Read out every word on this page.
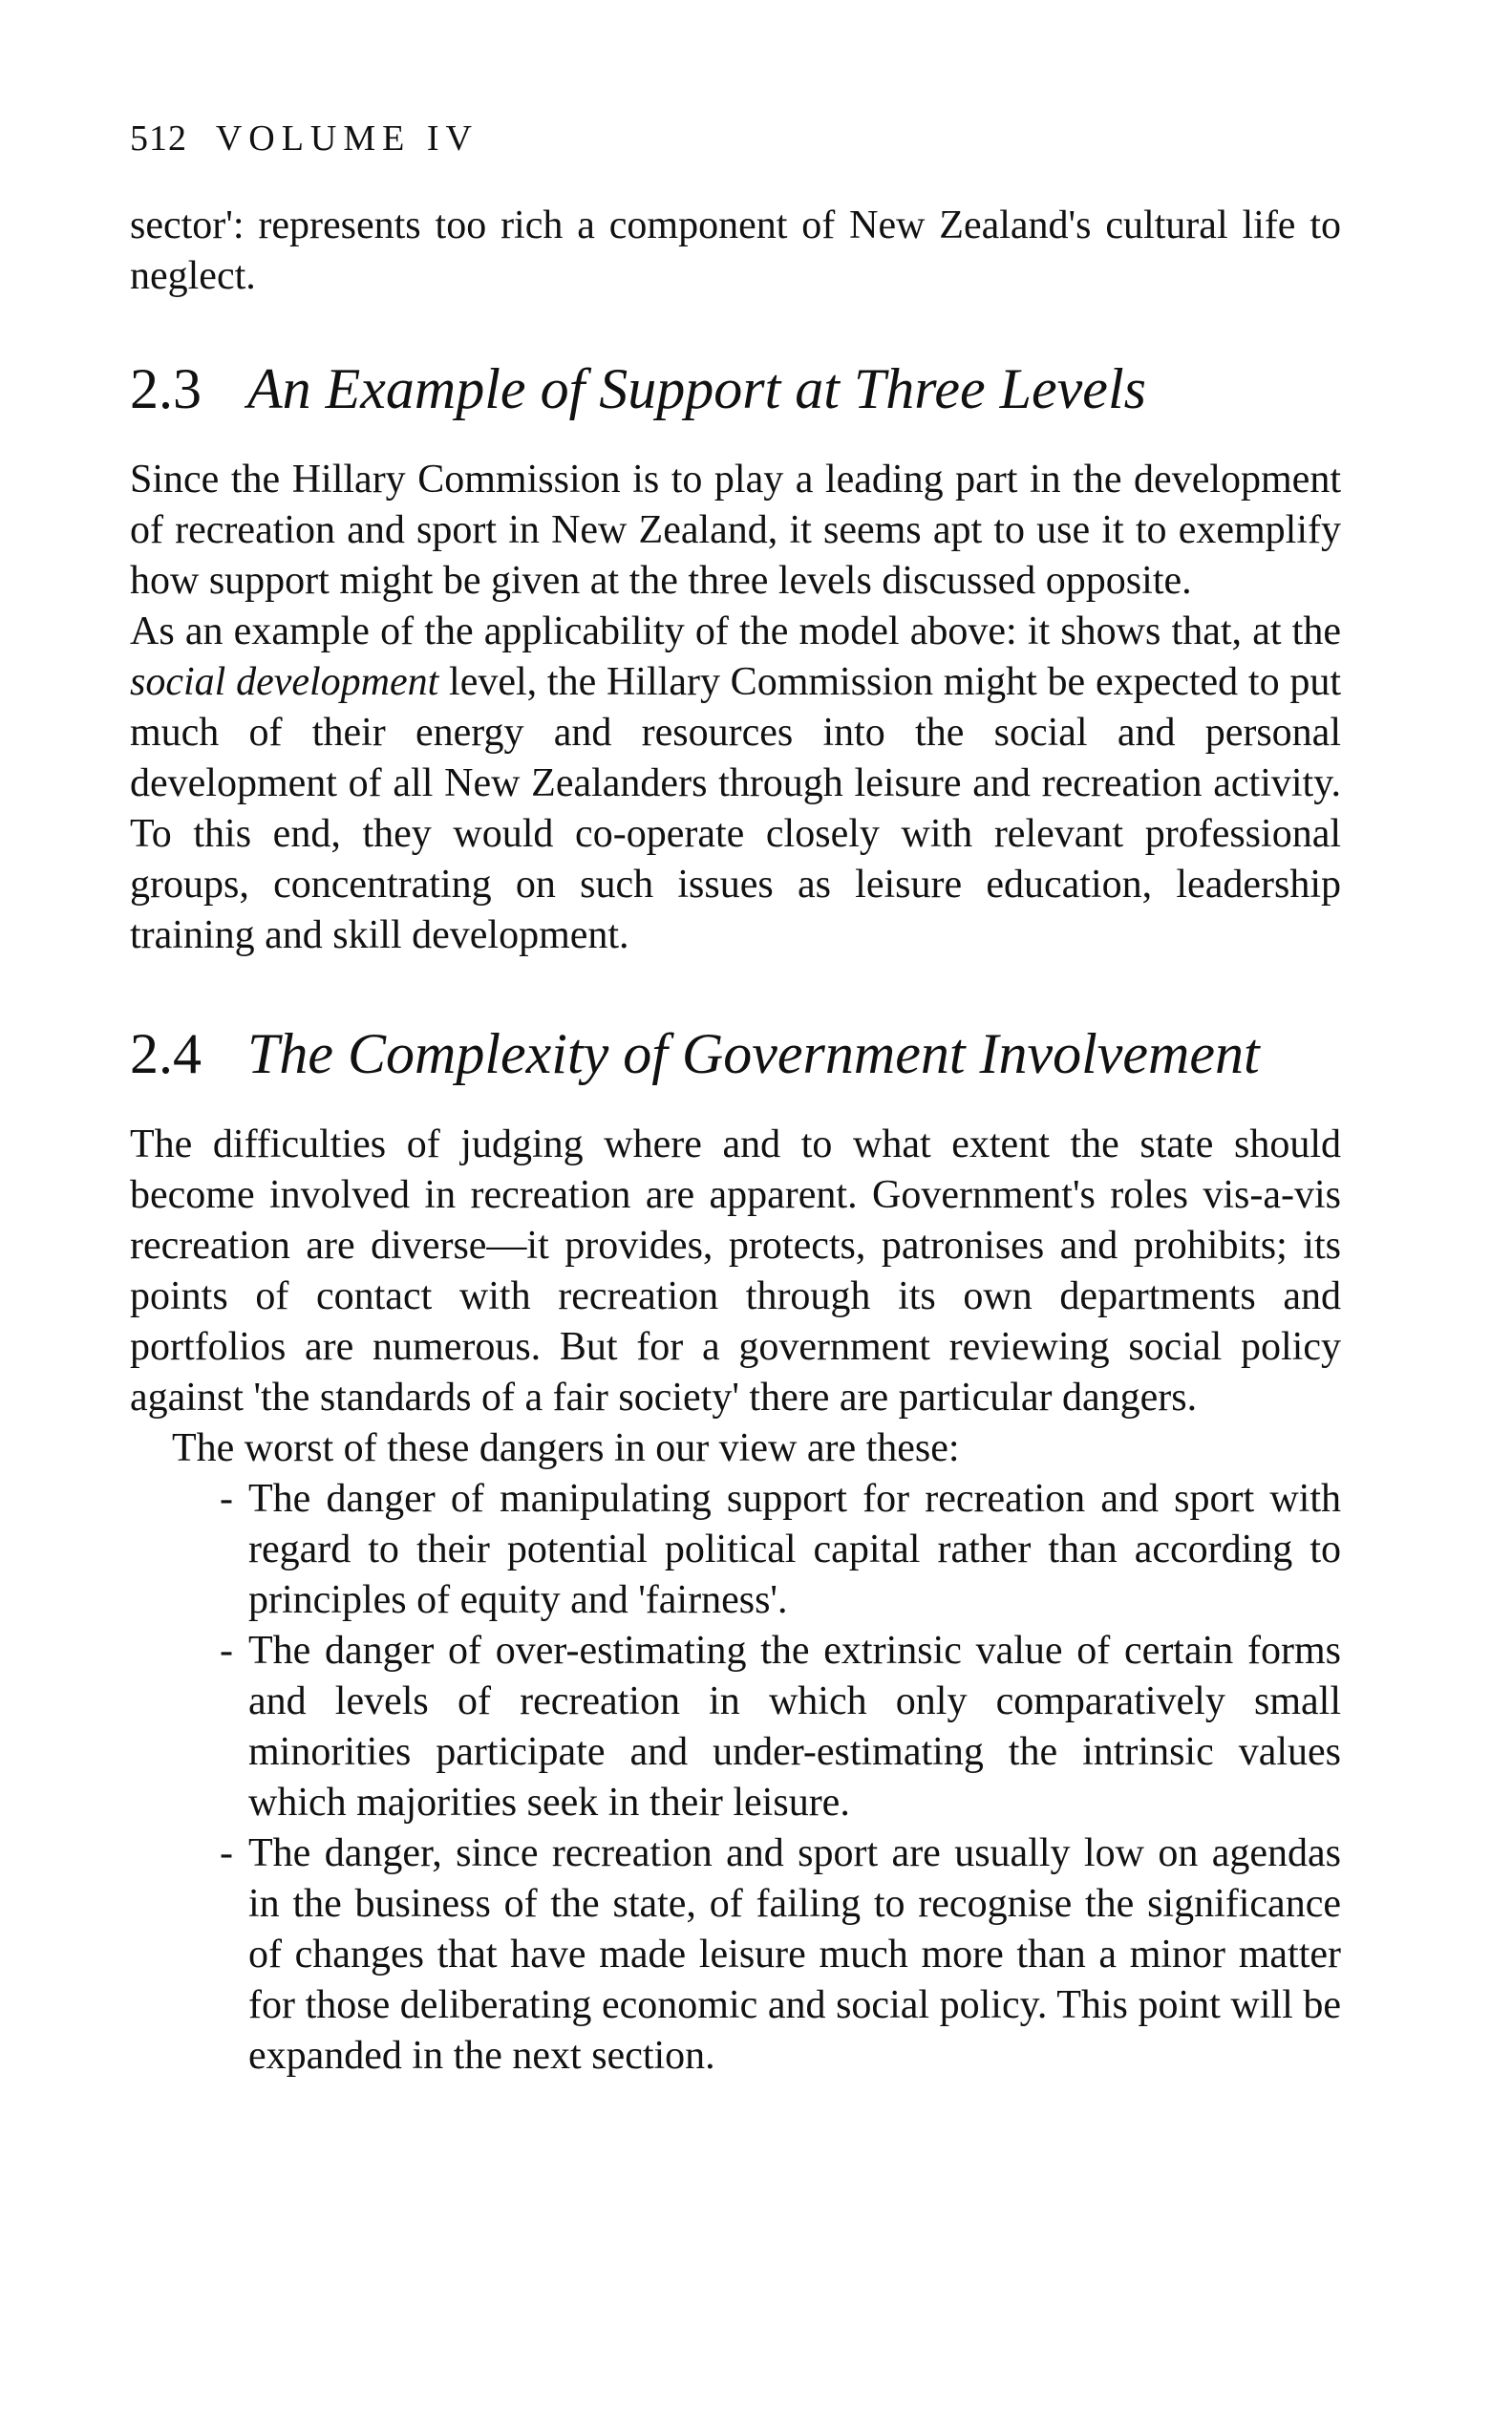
512 VOLUME IV

sector': represents too rich a component of New Zealand's cultural life to neglect.

2.3 An Example of Support at Three Levels

Since the Hillary Commission is to play a leading part in the development of recreation and sport in New Zealand, it seems apt to use it to exemplify how support might be given at the three levels discussed opposite.

As an example of the applicability of the model above: it shows that, at the social development level, the Hillary Commission might be expected to put much of their energy and resources into the social and personal development of all New Zealanders through leisure and recreation activity. To this end, they would co-operate closely with relevant professional groups, concentrating on such issues as leisure education, leadership training and skill development.

2.4 The Complexity of Government Involvement

The difficulties of judging where and to what extent the state should become involved in recreation are apparent. Government's roles vis-a-vis recreation are diverse—it provides, protects, patronises and prohibits; its points of contact with recreation through its own departments and portfolios are numerous. But for a government reviewing social policy against 'the standards of a fair society' there are particular dangers.

The worst of these dangers in our view are these:

- The danger of manipulating support for recreation and sport with regard to their potential political capital rather than according to principles of equity and 'fairness'.
- The danger of over-estimating the extrinsic value of certain forms and levels of recreation in which only comparatively small minorities participate and under-estimating the intrinsic values which majorities seek in their leisure.
- The danger, since recreation and sport are usually low on agendas in the business of the state, of failing to recognise the significance of changes that have made leisure much more than a minor matter for those deliberating economic and social policy. This point will be expanded in the next section.
